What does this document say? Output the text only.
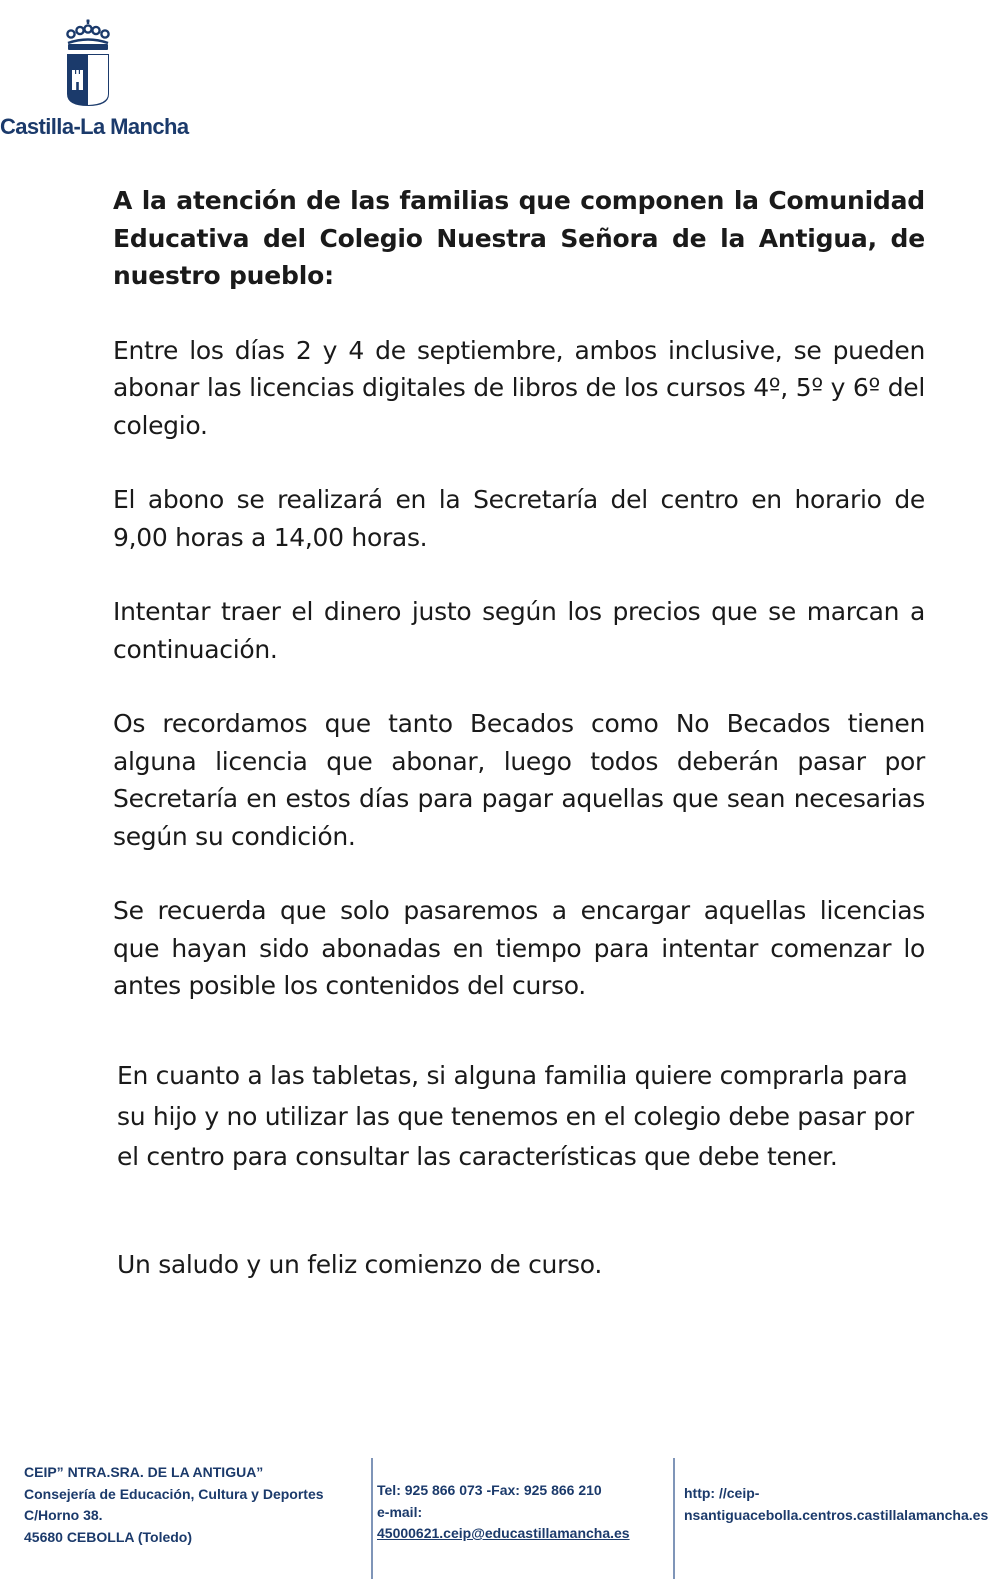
Castilla-La Mancha

A la atención de las familias que componen la Comunidad Educativa del Colegio Nuestra Señora de la Antigua, de nuestro pueblo:

Entre los días 2 y 4 de septiembre, ambos inclusive, se pueden abonar las licencias digitales de libros de los cursos 4º, 5º y 6º del colegio.

El abono se realizará en la Secretaría del centro en horario de 9,00 horas a 14,00 horas.

Intentar traer el dinero justo según los precios que se marcan a continuación.

Os recordamos que tanto Becados como No Becados tienen alguna licencia que abonar, luego todos deberán pasar por Secretaría en estos días para pagar aquellas que sean necesarias según su condición.

Se recuerda que solo pasaremos a encargar aquellas licencias que hayan sido abonadas en tiempo para intentar comenzar lo antes posible los contenidos del curso.

En cuanto a las tabletas, si alguna familia quiere comprarla para su hijo y no utilizar las que tenemos en el colegio debe pasar por el centro para consultar las características que debe tener.

Un saludo y un feliz comienzo de curso.
CEIP” NTRA.SRA. DE LA ANTIGUA”
Consejería de Educación, Cultura y Deportes
C/Horno 38.
45680 CEBOLLA (Toledo)
Tel: 925 866 073 -Fax: 925 866 210
e-mail:
45000621.ceip@educastillamancha.es
http: //ceip-
nsantiguacebolla.centros.castillalamancha.es
